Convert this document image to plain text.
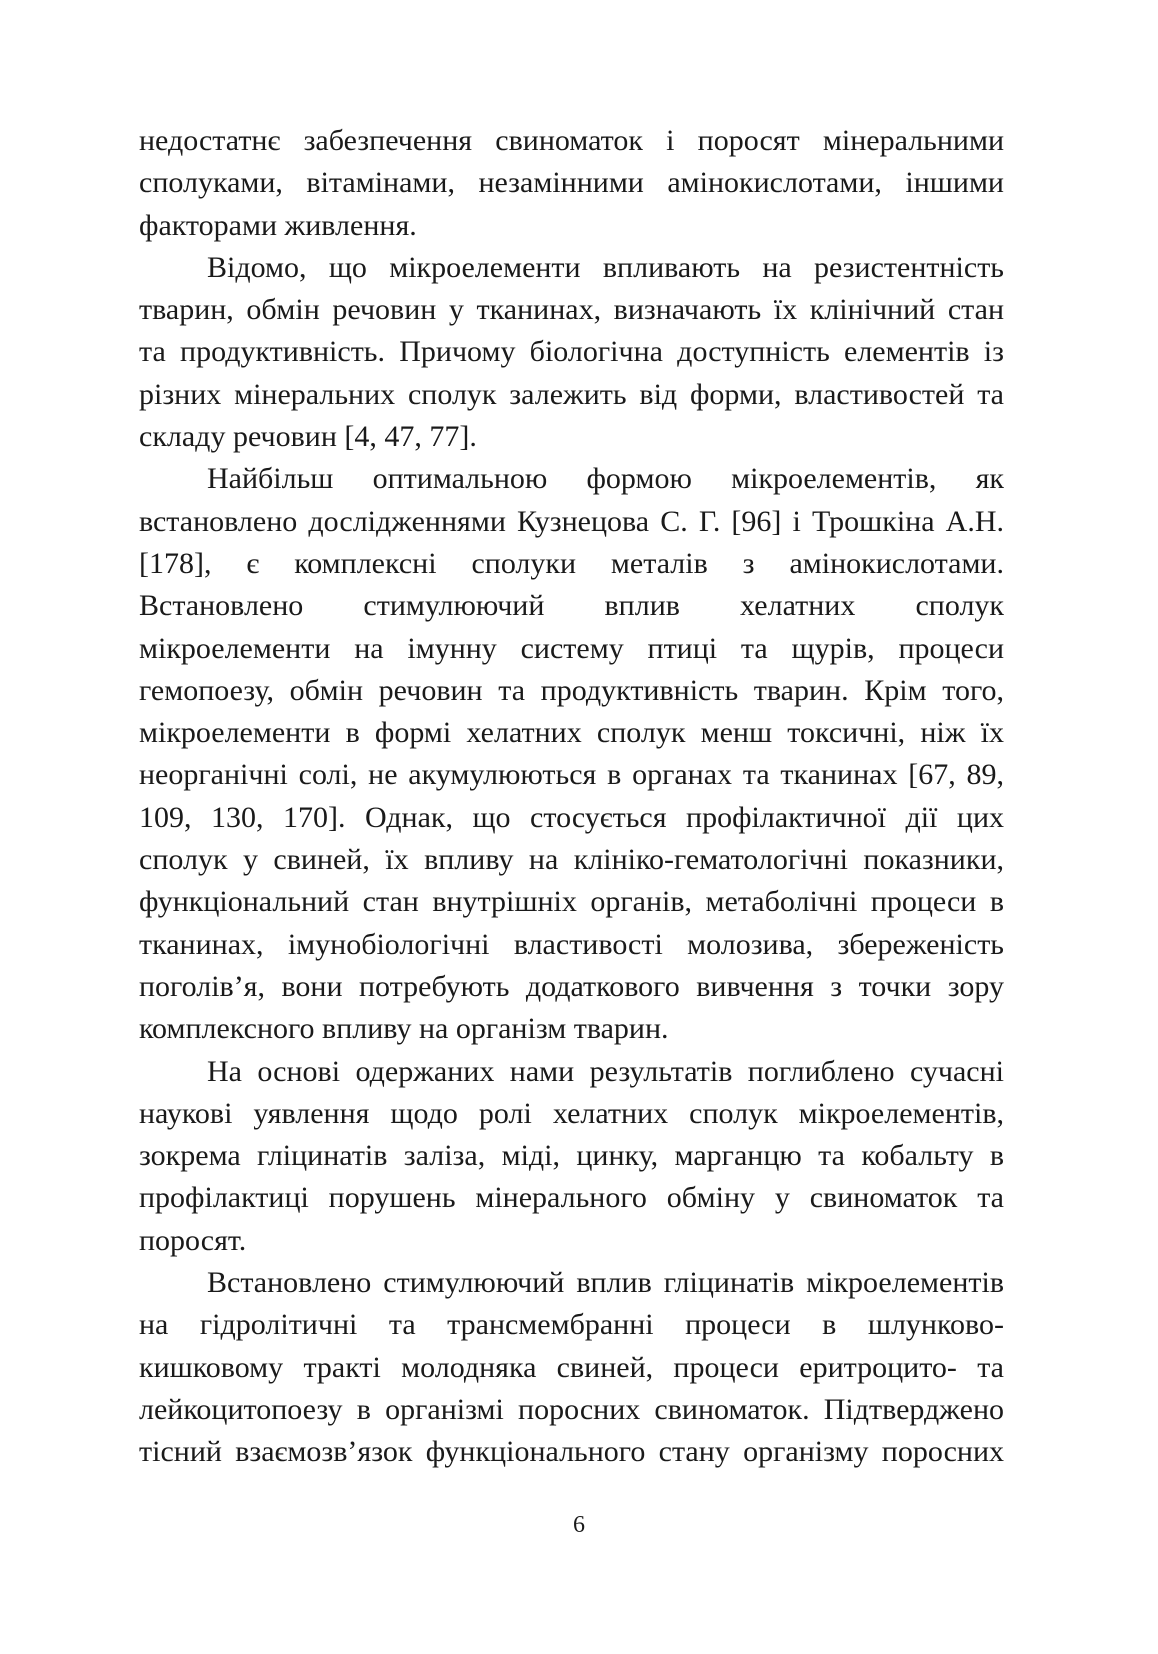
недостатнє забезпечення свиноматок і поросят мінеральними
сполуками, вітамінами, незамінними амінокислотами, іншими
факторами живлення.
Відомо, що мікроелементи впливають на резистентність
тварин, обмін речовин у тканинах, визначають їх клінічний стан
та продуктивність. Причому біологічна доступність елементів із
різних мінеральних сполук залежить від форми, властивостей та
складу речовин [4, 47, 77].
Найбільш оптимальною формою мікроелементів, як
встановлено дослідженнями Кузнецова С. Г. [96] і Трошкіна А.Н.
[178], є комплексні сполуки металів з амінокислотами.
Встановлено стимулюючий вплив хелатних сполук
мікроелементи на імунну систему птиці та щурів, процеси
гемопоезу, обмін речовин та продуктивність тварин. Крім того,
мікроелементи в формі хелатних сполук менш токсичні, ніж їх
неорганічні солі, не акумулюються в органах та тканинах [67, 89,
109, 130, 170]. Однак, що стосується профілактичної дії цих
сполук у свиней, їх впливу на клініко-гематологічні показники,
функціональний стан внутрішніх органів, метаболічні процеси в
тканинах, імунобіологічні властивості молозива, збереженість
поголів’я, вони потребують додаткового вивчення з точки зору
комплексного впливу на організм тварин.
На основі одержаних нами результатів поглиблено сучасні
наукові уявлення щодо ролі хелатних сполук мікроелементів,
зокрема гліцинатів заліза, міді, цинку, марганцю та кобальту в
профілактиці порушень мінерального обміну у свиноматок та
поросят.
Встановлено стимулюючий вплив гліцинатів мікроелементів
на гідролітичні та трансмембранні процеси в шлунково-
кишковому тракті молодняка свиней, процеси еритроцито- та
лейкоцитопоезу в організмі поросних свиноматок. Підтверджено
тісний взаємозв’язок функціонального стану організму поросних
6
